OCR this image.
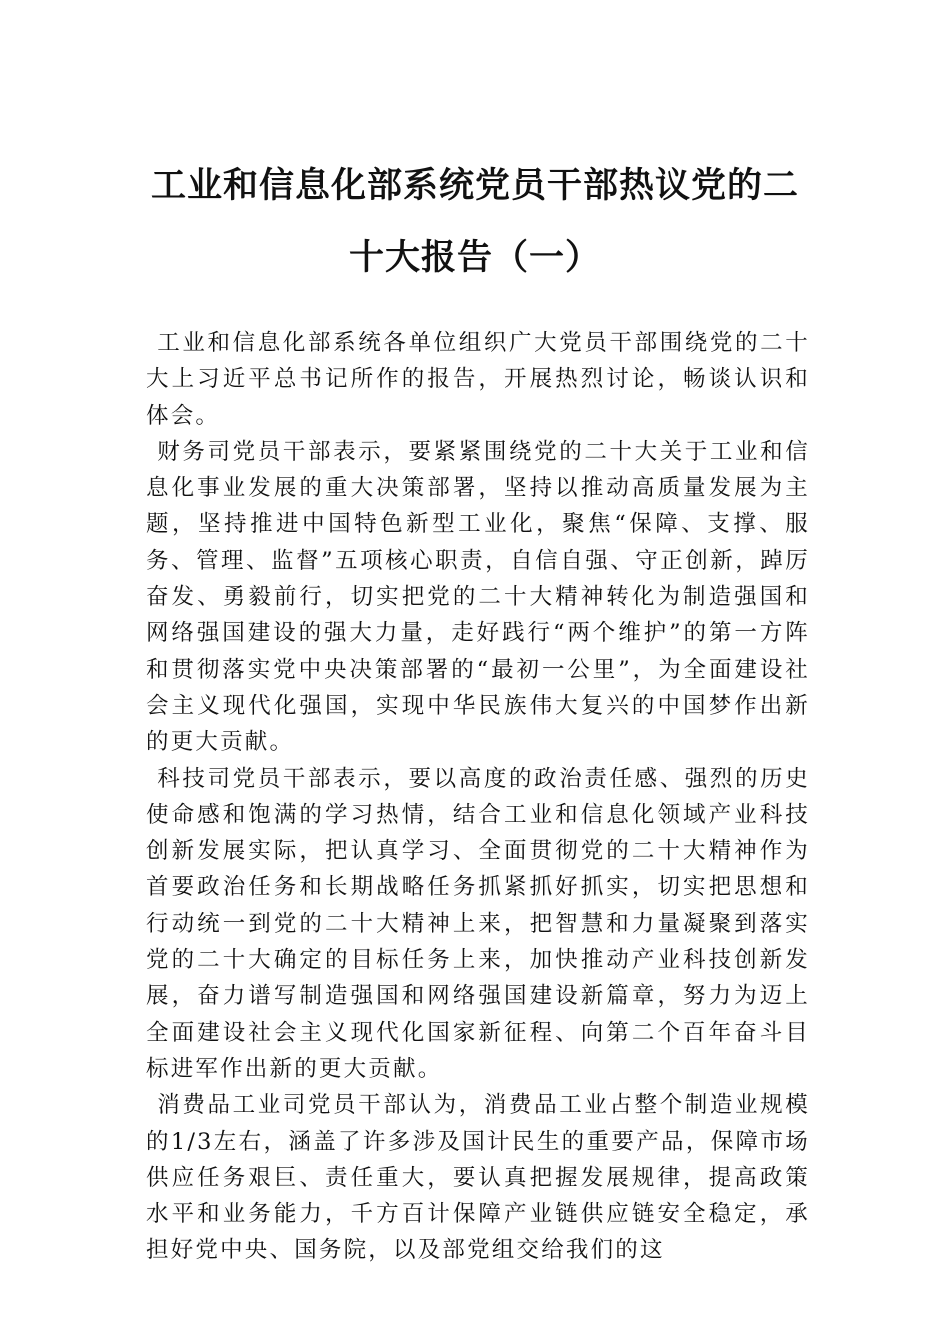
工业和信息化部系统党员干部热议党的二十大报告（一）

工业和信息化部系统各单位组织广大党员干部围绕党的二十大上习近平总书记所作的报告，开展热烈讨论，畅谈认识和体会。

财务司党员干部表示，要紧紧围绕党的二十大关于工业和信息化事业发展的重大决策部署，坚持以推动高质量发展为主题，坚持推进中国特色新型工业化，聚焦“保障、支撑、服务、管理、监督”五项核心职责，自信自强、守正创新，踔厉奋发、勇毅前行，切实把党的二十大精神转化为制造强国和网络强国建设的强大力量，走好践行“两个维护”的第一方阵和贯彻落实党中央决策部署的“最初一公里”，为全面建设社会主义现代化强国，实现中华民族伟大复兴的中国梦作出新的更大贡献。

科技司党员干部表示，要以高度的政治责任感、强烈的历史使命感和饱满的学习热情，结合工业和信息化领域产业科技创新发展实际，把认真学习、全面贯彻党的二十大精神作为首要政治任务和长期战略任务抓紧抓好抓实，切实把思想和行动统一到党的二十大精神上来，把智慧和力量凝聚到落实党的二十大确定的目标任务上来，加快推动产业科技创新发展，奋力谱写制造强国和网络强国建设新篇章，努力为迈上全面建设社会主义现代化国家新征程、向第二个百年奋斗目标进军作出新的更大贡献。

消费品工业司党员干部认为，消费品工业占整个制造业规模的1/3左右，涵盖了许多涉及国计民生的重要产品，保障市场供应任务艰巨、责任重大，要认真把握发展规律，提高政策水平和业务能力，千方百计保障产业链供应链安全稳定，承担好党中央、国务院，以及部党组交给我们的这
